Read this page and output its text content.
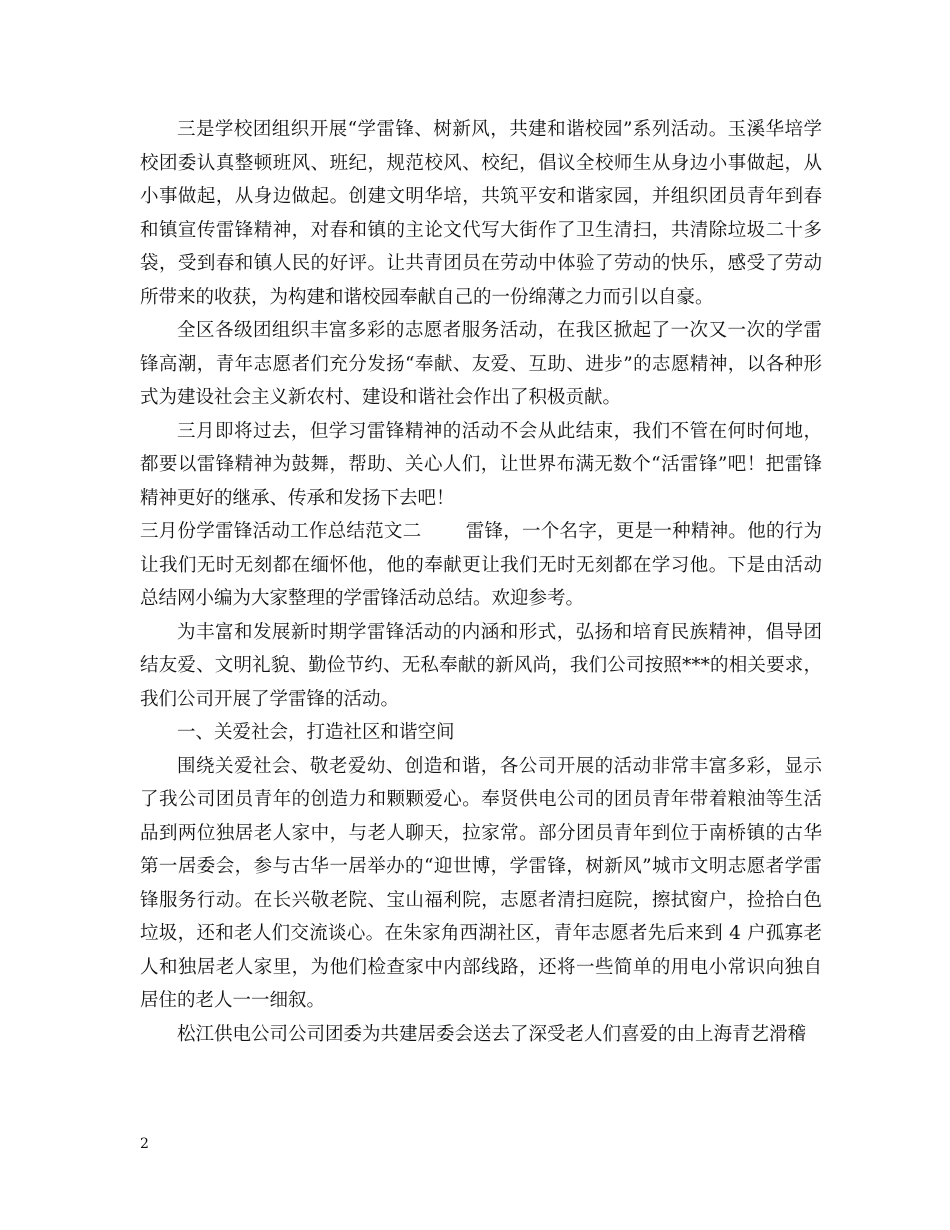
三是学校团组织开展“学雷锋、树新风，共建和谐校园”系列活动。玉溪华培学校团委认真整顿班风、班纪，规范校风、校纪，倡议全校师生从身边小事做起，从小事做起，从身边做起。创建文明华培，共筑平安和谐家园，并组织团员青年到春和镇宣传雷锋精神，对春和镇的主论文代写大街作了卫生清扫，共清除垃圾二十多袋，受到春和镇人民的好评。让共青团员在劳动中体验了劳动的快乐，感受了劳动所带来的收获，为构建和谐校园奉献自己的一份绵薄之力而引以自豪。

全区各级团组织丰富多彩的志愿者服务活动，在我区掀起了一次又一次的学雷锋高潮，青年志愿者们充分发扬“奉献、友爱、互助、进步”的志愿精神，以各种形式为建设社会主义新农村、建设和谐社会作出了积极贡献。

三月即将过去，但学习雷锋精神的活动不会从此结束，我们不管在何时何地，都要以雷锋精神为鼓舞，帮助、关心人们，让世界布满无数个“活雷锋”吧！把雷锋精神更好的继承、传承和发扬下去吧！

三月份学雷锋活动工作总结范文二 雷锋，一个名字，更是一种精神。他的行为让我们无时无刻都在缅怀他，他的奉献更让我们无时无刻都在学习他。下是由活动总结网小编为大家整理的学雷锋活动总结。欢迎参考。

为丰富和发展新时期学雷锋活动的内涵和形式，弘扬和培育民族精神，倡导团结友爱、文明礼貌、勤俭节约、无私奉献的新风尚，我们公司按照***的相关要求，我们公司开展了学雷锋的活动。

一、关爱社会，打造社区和谐空间

围绕关爱社会、敬老爱幼、创造和谐，各公司开展的活动非常丰富多彩，显示了我公司团员青年的创造力和颗颗爱心。奉贤供电公司的团员青年带着粮油等生活品到两位独居老人家中，与老人聊天，拉家常。部分团员青年到位于南桥镇的古华第一居委会，参与古华一居举办的“迎世博，学雷锋，树新风”城市文明志愿者学雷锋服务行动。在长兴敬老院、宝山福利院，志愿者清扫庭院，擦拭窗户，捡拾白色垃圾，还和老人们交流谈心。在朱家角西湖社区，青年志愿者先后来到 4 户孤寡老人和独居老人家里，为他们检查家中内部线路，还将一些简单的用电小常识向独自居住的老人一一细叙。

松江供电公司公司团委为共建居委会送去了深受老人们喜爱的由上海青艺滑稽

2
